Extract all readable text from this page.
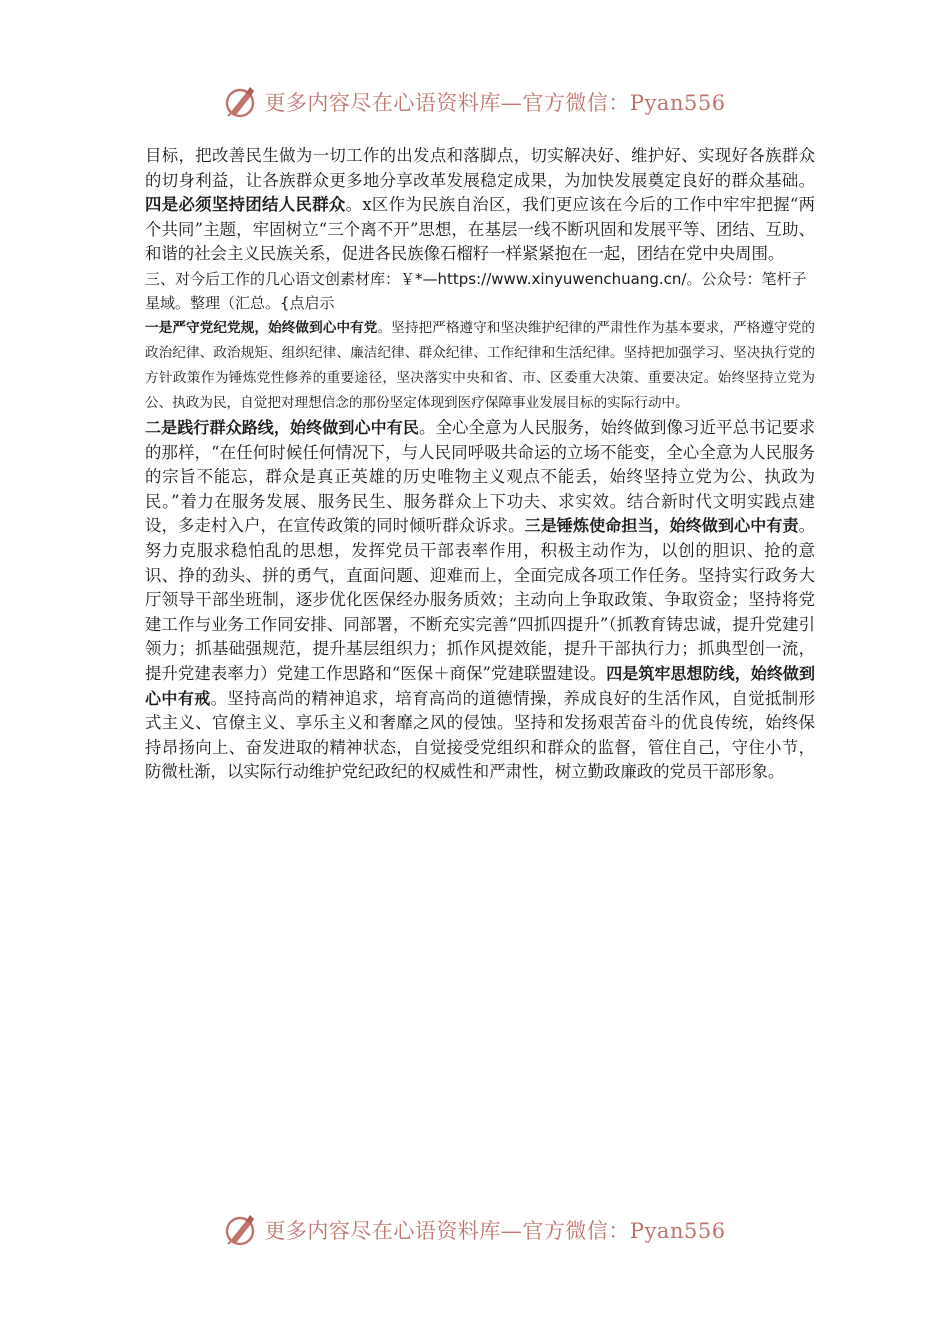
更多内容尽在心语资料库—官方微信：Pyan556

目标，把改善民生做为一切工作的出发点和落脚点，切实解决好、维护好、实现好各族群众的切身利益，让各族群众更多地分享改革发展稳定成果，为加快发展奠定良好的群众基础。四是必须坚持团结人民群众。x区作为民族自治区，我们更应该在今后的工作中牢牢把握“两个共同”主题，牢固树立“三个离不开”思想，在基层一线不断巩固和发展平等、团结、互助、和谐的社会主义民族关系，促进各民族像石榴籽一样紧紧抱在一起，团结在党中央周围。

三、对今后工作的几心语文创素材库：￥*—https://www.xinyuwenchuang.cn/。公众号：笔杆子星域。整理（汇总。{点启示

一是严守党纪党规，始终做到心中有党。坚持把严格遵守和坚决维护纪律的严肃性作为基本要求，严格遵守党的政治纪律、政治规矩、组织纪律、廉洁纪律、群众纪律、工作纪律和生活纪律。坚持把加强学习、坚决执行党的方针政策作为锤炼党性修养的重要途径，坚决落实中央和省、市、区委重大决策、重要决定。始终坚持立党为公、执政为民，自觉把对理想信念的那份坚定体现到医疗保障事业发展目标的实际行动中。

二是践行群众路线，始终做到心中有民。全心全意为人民服务，始终做到像习近平总书记要求的那样，“在任何时候任何情况下，与人民同呼吸共命运的立场不能变，全心全意为人民服务的宗旨不能忘，群众是真正英雄的历史唯物主义观点不能丢，始终坚持立党为公、执政为民。”着力在服务发展、服务民生、服务群众上下功夫、求实效。结合新时代文明实践点建设，多走村入户，在宣传政策的同时倾听群众诉求。三是锤炼使命担当，始终做到心中有责。努力克服求稳怕乱的思想，发挥党员干部表率作用，积极主动作为，以创的胆识、抢的意识、挣的劲头、拼的勇气，直面问题、迎难而上，全面完成各项工作任务。坚持实行政务大厅领导干部坐班制，逐步优化医保经办服务质效；主动向上争取政策、争取资金；坚持将党建工作与业务工作同安排、同部署，不断充实完善“四抓四提升”（抓教育铸忠诚，提升党建引领力；抓基础强规范，提升基层组织力；抓作风提效能，提升干部执行力；抓典型创一流，提升党建表率力）党建工作思路和“医保＋商保”党建联盟建设。四是筑牢思想防线，始终做到心中有戒。坚持高尚的精神追求，培育高尚的道德情操，养成良好的生活作风，自觉抵制形式主义、官僚主义、享乐主义和奢靡之风的侵蚀。坚持和发扬艰苦奋斗的优良传统，始终保持昂扬向上、奋发进取的精神状态，自觉接受党组织和群众的监督，管住自己，守住小节，防微杜渐，以实际行动维护党纪政纪的权威性和严肃性，树立勤政廉政的党员干部形象。

更多内容尽在心语资料库—官方微信：Pyan556
